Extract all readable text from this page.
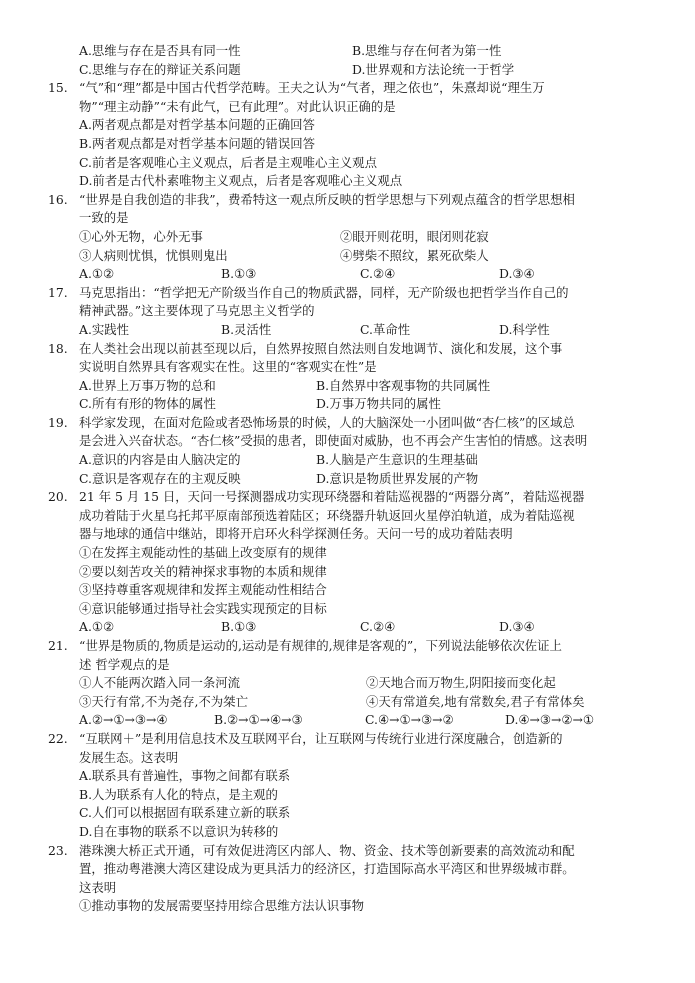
A.思维与存在是否具有同一性	B.思维与存在何者为第一性
C.思维与存在的辩证关系问题	D.世界观和方法论统一于哲学
15. “气”和“理”都是中国古代哲学范畴。王夫之认为“气者，理之依也”，朱熹却说“理生万
物”“理主动静”“未有此气，已有此理”。对此认识正确的是
A.两者观点都是对哲学基本问题的正确回答
B.两者观点都是对哲学基本问题的错误回答
C.前者是客观唯心主义观点，后者是主观唯心主义观点
D.前者是古代朴素唯物主义观点，后者是客观唯心主义观点
16. “世界是自我创造的非我”，费希特这一观点所反映的哲学思想与下列观点蕴含的哲学思想相
一致的是
①心外无物，心外无事	②眼开则花明，眼闭则花寂
③人病则忧惧，忧惧则鬼出	④劈柴不照纹，累死砍柴人
A.①②	B.①③	C.②④	D.③④
17. 马克思指出：“哲学把无产阶级当作自己的物质武器，同样，无产阶级也把哲学当作自己的
精神武器。”这主要体现了马克思主义哲学的
A.实践性	B.灵活性	C.革命性	D.科学性
18. 在人类社会出现以前甚至现以后，自然界按照自然法则自发地调节、演化和发展，这个事
实说明自然界具有客观实在性。这里的“客观实在性”是
A.世界上万事万物的总和	B.自然界中客观事物的共同属性
C.所有有形的物体的属性	D.万事万物共同的属性
19. 科学家发现，在面对危险或者恐怖场景的时候，人的大脑深处一小团叫做“杏仁核”的区域总
是会进入兴奋状态。“杏仁核”受损的患者，即使面对威胁，也不再会产生害怕的情感。这表明
A.意识的内容是由人脑决定的	B.人脑是产生意识的生理基础
C.意识是客观存在的主观反映	D.意识是物质世界发展的产物
20. 21 年 5 月 15 日，天问一号探测器成功实现环绕器和着陆巡视器的“两器分离”，着陆巡视器
成功着陆于火星乌托邦平原南部预选着陆区；环绕器升轨返回火星停泊轨道，成为着陆巡视
器与地球的通信中继站，即将开启环火科学探测任务。天问一号的成功着陆表明
①在发挥主观能动性的基础上改变原有的规律
②要以刻苦攻关的精神探求事物的本质和规律
③坚持尊重客观规律和发挥主观能动性相结合
④意识能够通过指导社会实践实现预定的目标
A.①②	B.①③	C.②④	D.③④
21. “世界是物质的,物质是运动的,运动是有规律的,规律是客观的”，下列说法能够依次佐证上
述 哲学观点的是
①人不能两次踏入同一条河流	②天地合而万物生,阴阳接而变化起
③天行有常,不为尧存,不为桀亡	④天有常道矣,地有常数矣,君子有常体矣
A.②→①→③→④	B.②→①→④→③	C.④→①→③→②	D.④→③→②→①
22. “互联网＋”是利用信息技术及互联网平台，让互联网与传统行业进行深度融合，创造新的
发展生态。这表明
A.联系具有普遍性，事物之间都有联系
B.人为联系有人化的特点，是主观的
C.人们可以根据固有联系建立新的联系
D.自在事物的联系不以意识为转移的
23. 港珠澳大桥正式开通，可有效促进湾区内部人、物、资金、技术等创新要素的高效流动和配
置，推动粤港澳大湾区建设成为更具活力的经济区，打造国际高水平湾区和世界级城市群。
这表明
①推动事物的发展需要坚持用综合思维方法认识事物
